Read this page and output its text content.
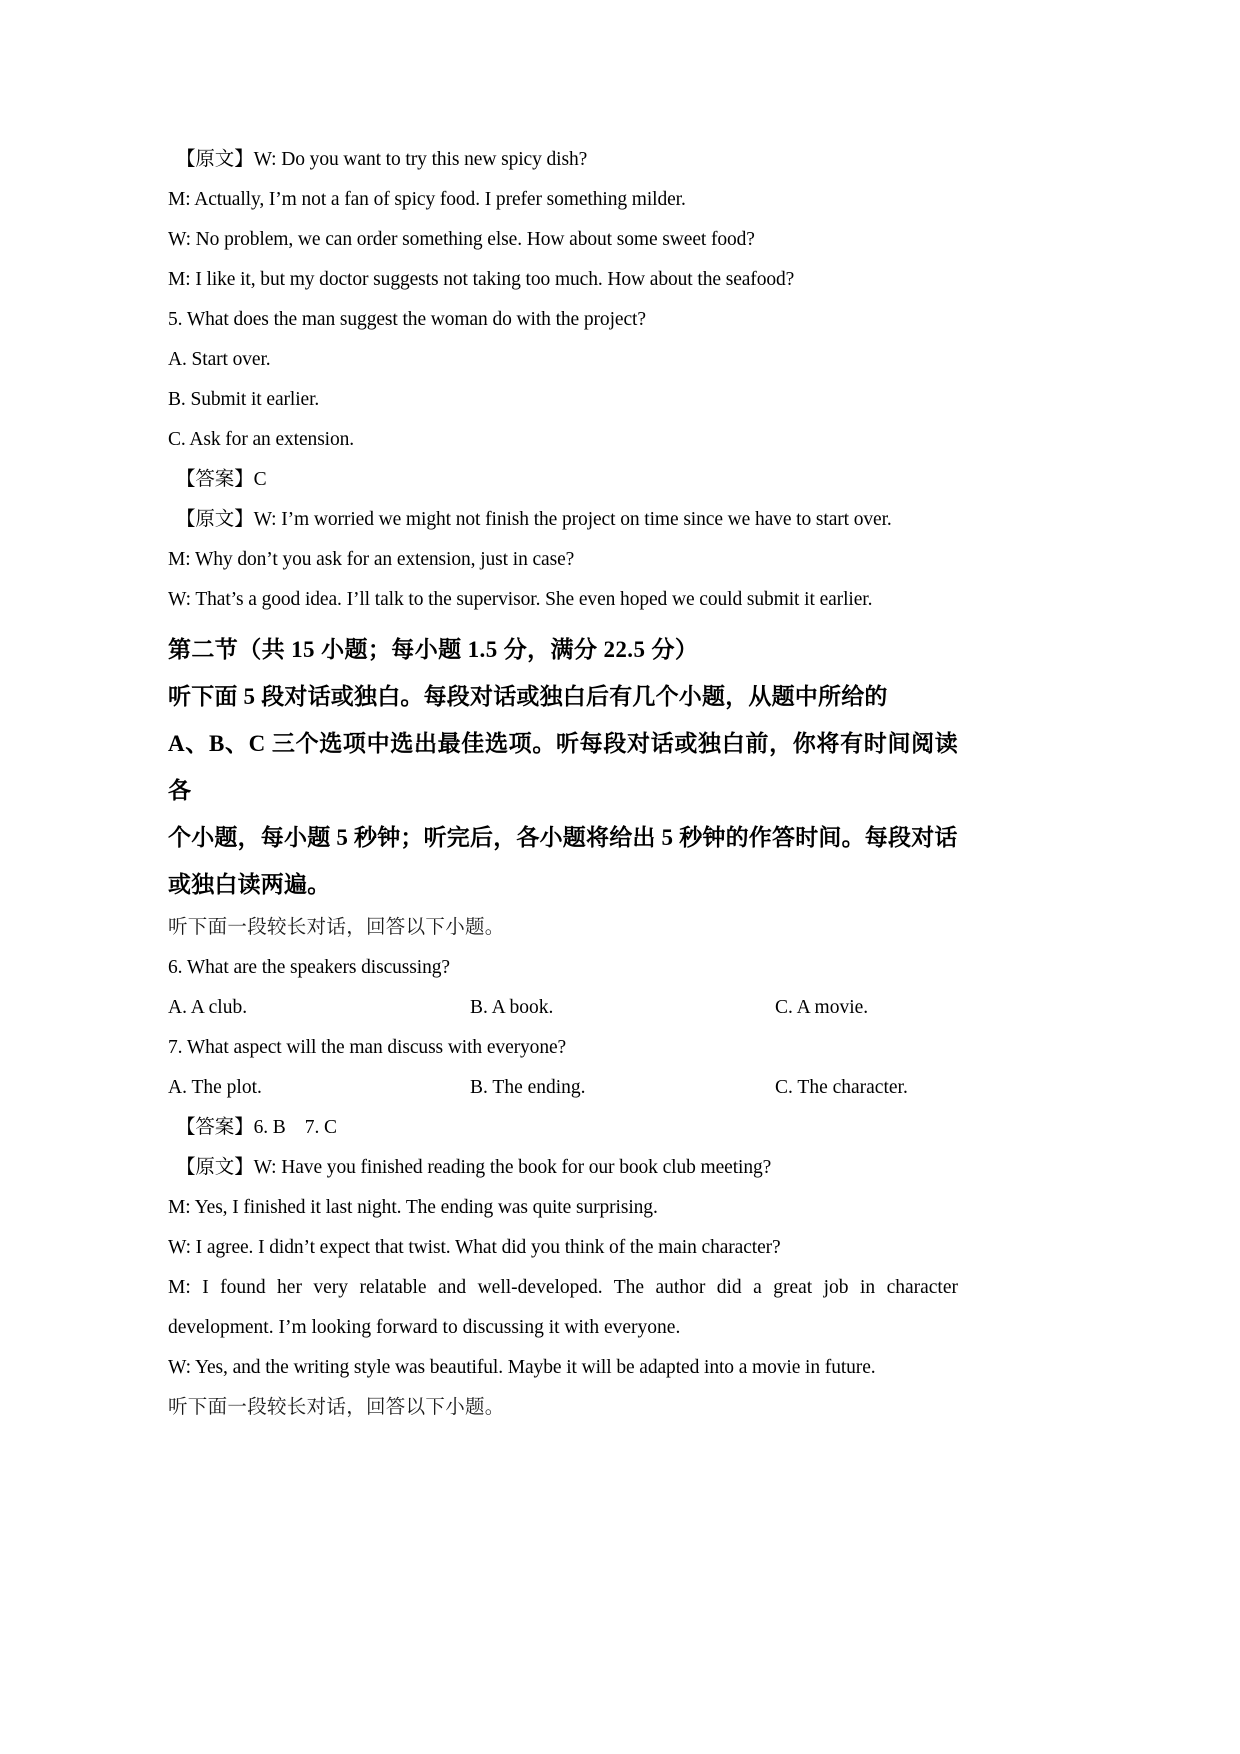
【原文】W: Do you want to try this new spicy dish?
M: Actually, I’m not a fan of spicy food. I prefer something milder.
W: No problem, we can order something else. How about some sweet food?
M: I like it, but my doctor suggests not taking too much. How about the seafood?
5. What does the man suggest the woman do with the project?
A. Start over.
B. Submit it earlier.
C. Ask for an extension.
【答案】C
【原文】W: I’m worried we might not finish the project on time since we have to start over.
M: Why don’t you ask for an extension, just in case?
W: That’s a good idea. I’ll talk to the supervisor. She even hoped we could submit it earlier.
第二节（共 15 小题；每小题 1.5 分，满分 22.5 分）
听下面 5 段对话或独白。每段对话或独白后有几个小题，从题中所给的
A、B、C 三个选项中选出最佳选项。听每段对话或独白前，你将有时间阅读各
个小题，每小题 5 秒钟；听完后，各小题将给出 5 秒钟的作答时间。每段对话
或独白读两遍。
听下面一段较长对话，回答以下小题。
6. What are the speakers discussing?
A. A club.	B. A book.	C. A movie.
7. What aspect will the man discuss with everyone?
A. The plot.	B. The ending.	C. The character.
【答案】6. B    7. C
【原文】W: Have you finished reading the book for our book club meeting?
M: Yes, I finished it last night. The ending was quite surprising.
W: I agree. I didn’t expect that twist. What did you think of the main character?
M: I found her very relatable and well-developed. The author did a great job in character development. I’m looking forward to discussing it with everyone.
W: Yes, and the writing style was beautiful. Maybe it will be adapted into a movie in future.
听下面一段较长对话，回答以下小题。
